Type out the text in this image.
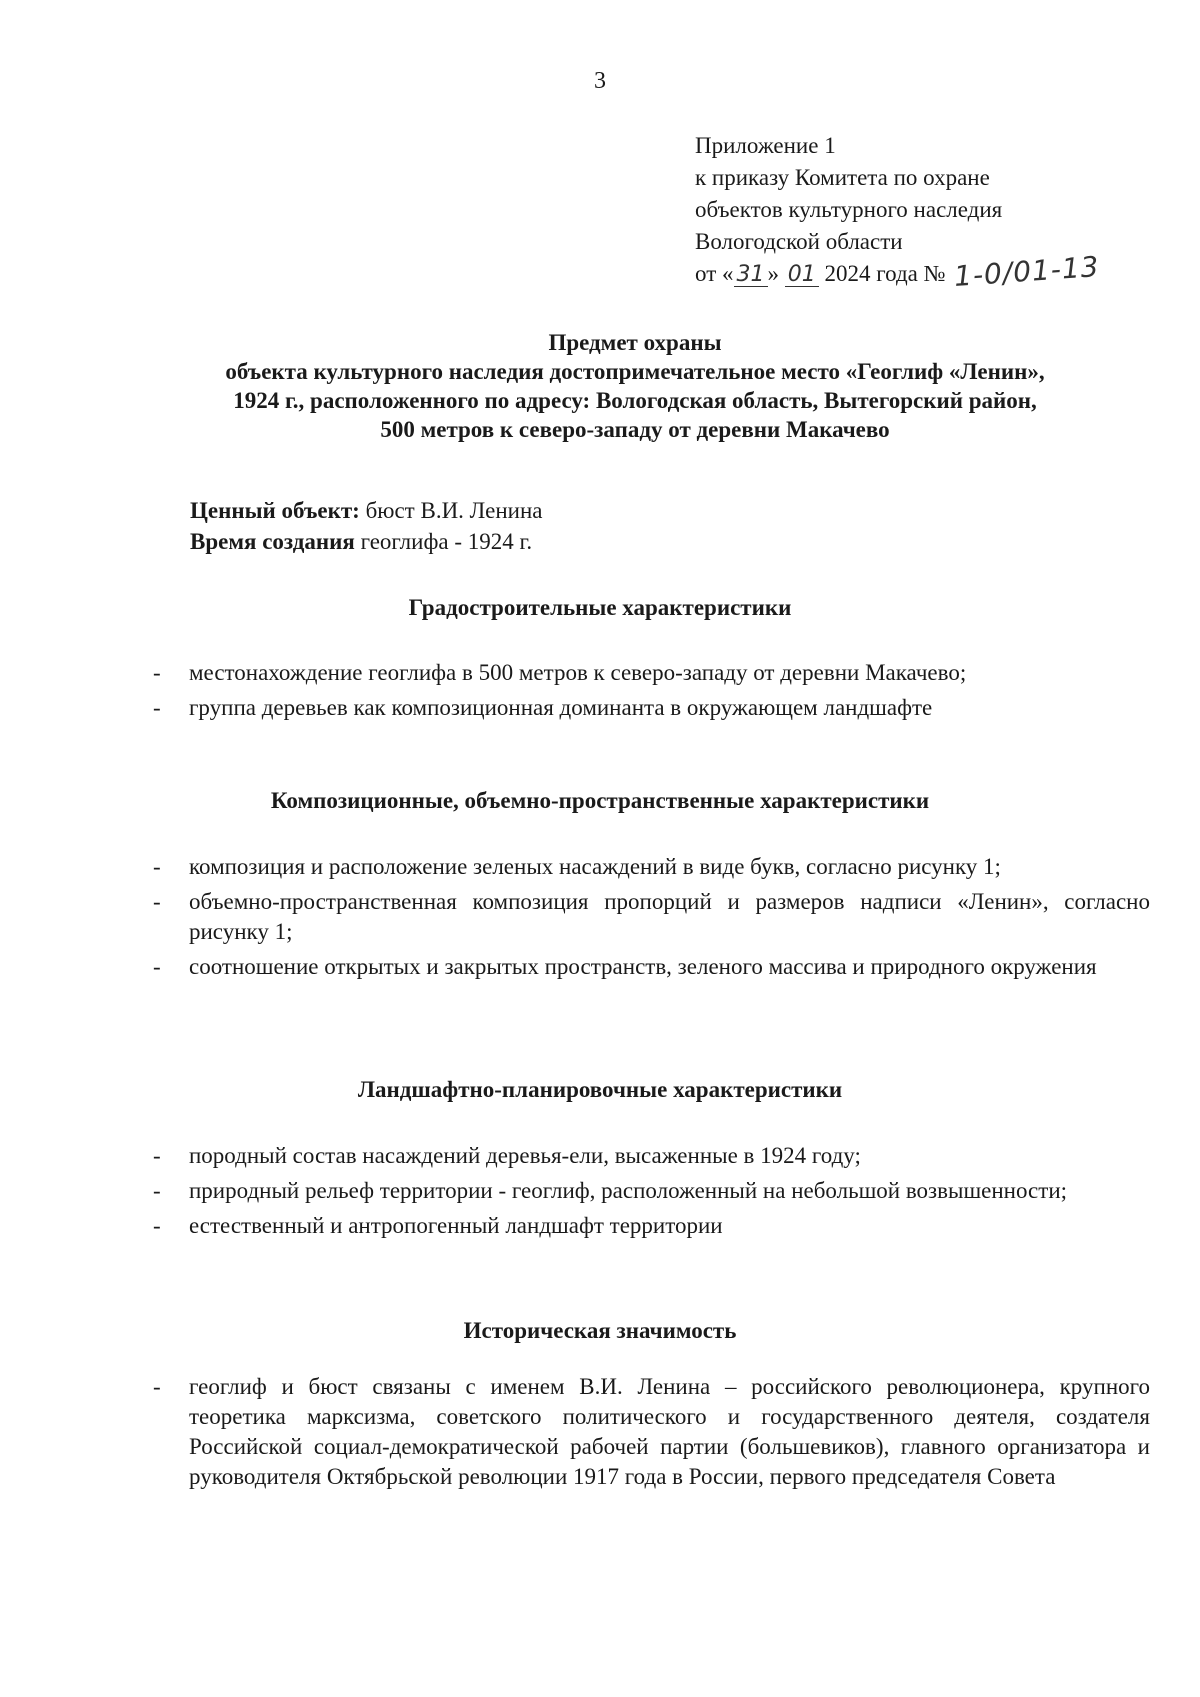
3
Приложение 1
к приказу Комитета по охране
объектов культурного наследия
Вологодской области
от « 31 » 01 2024 года № 1-0/01-13
Предмет охраны
объекта культурного наследия достопримечательное место «Геоглиф «Ленин»,
1924 г., расположенного по адресу: Вологодская область, Вытегорский район,
500 метров к северо-западу от деревни Макачево
Ценный объект: бюст В.И. Ленина
Время создания геоглифа - 1924 г.
Градостроительные характеристики
- местонахождение геоглифа в 500 метров к северо-западу от деревни Макачево;
- группа деревьев как композиционная доминанта в окружающем ландшафте
Композиционные, объемно-пространственные характеристики
- композиция и расположение зеленых насаждений в виде букв, согласно рисунку 1;
- объемно-пространственная композиция пропорций и размеров надписи «Ленин», согласно рисунку 1;
- соотношение открытых и закрытых пространств, зеленого массива и природного окружения
Ландшафтно-планировочные характеристики
- породный состав насаждений деревья-ели, высаженные в 1924 году;
- природный рельеф территории - геоглиф, расположенный на небольшой возвышенности;
- естественный и антропогенный ландшафт территории
Историческая значимость
- геоглиф и бюст связаны с именем В.И. Ленина – российского революционера, крупного теоретика марксизма, советского политического и государственного деятеля, создателя Российской социал-демократической рабочей партии (большевиков), главного организатора и руководителя Октябрьской революции 1917 года в России, первого председателя Совета
